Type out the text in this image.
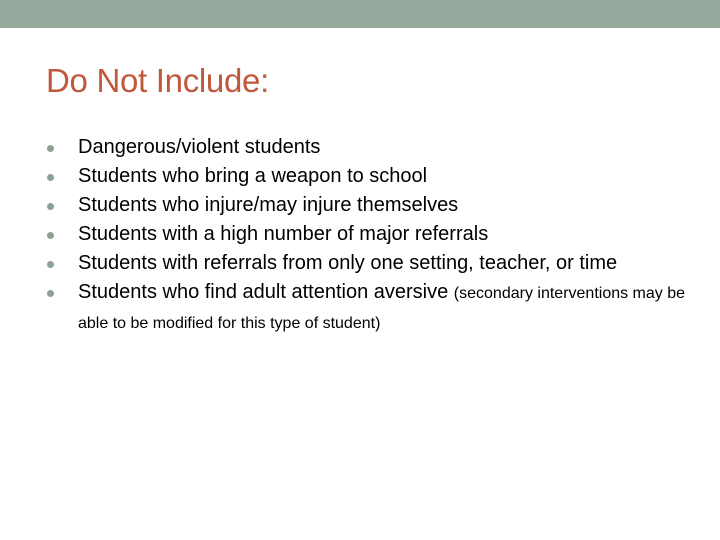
Do Not Include:
Dangerous/violent students
Students who bring a weapon to school
Students who injure/may injure themselves
Students with a high number of major referrals
Students with referrals from only one setting, teacher, or time
Students who find adult attention aversive (secondary interventions may be able to be modified for this type of student)
